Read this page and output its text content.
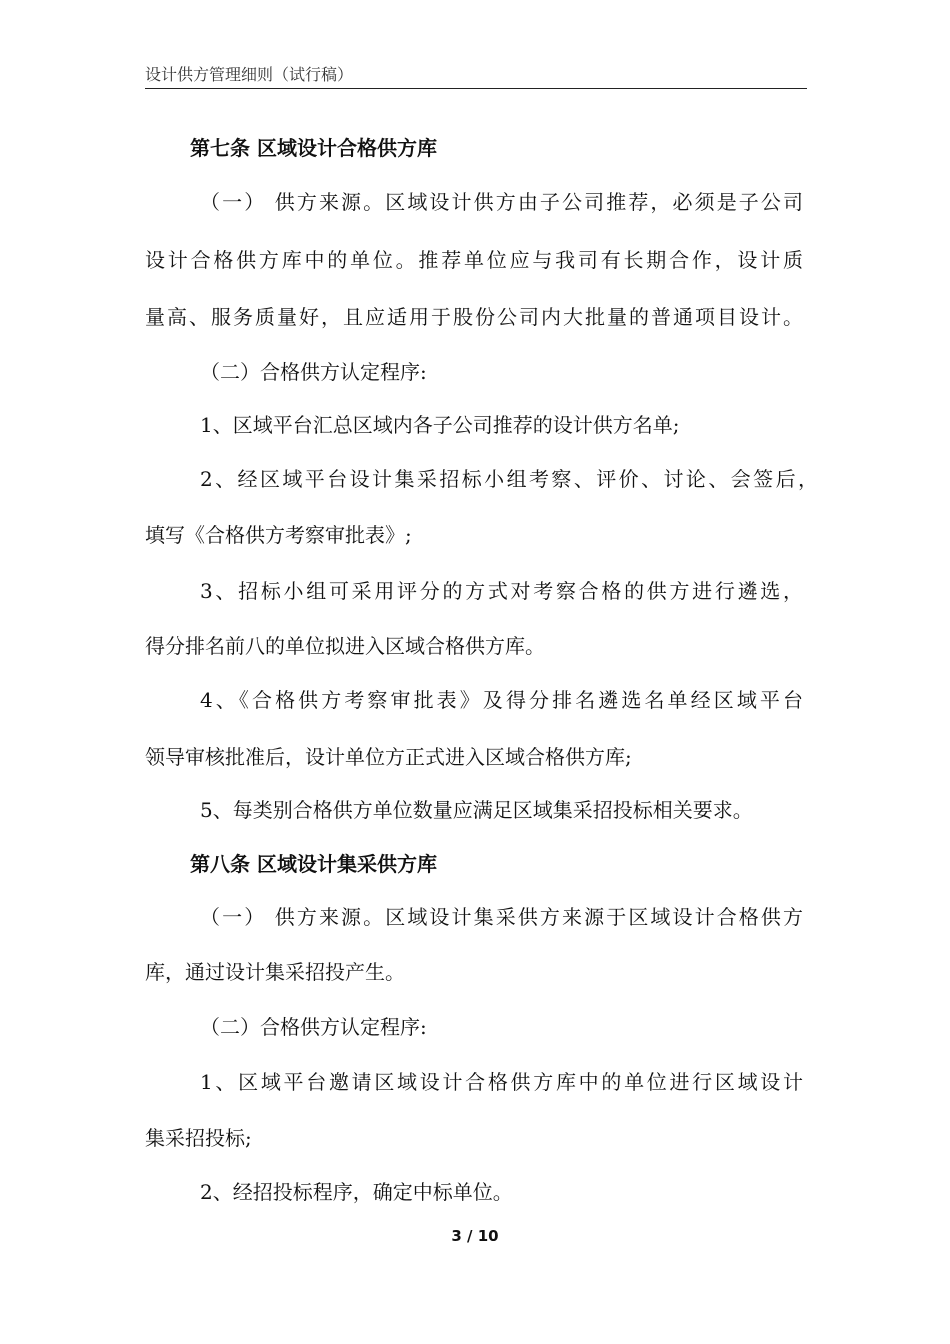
设计供方管理细则（试行稿）
第七条 区域设计合格供方库
（一） 供方来源。区域设计供方由子公司推荐，必须是子公司
设计合格供方库中的单位。推荐单位应与我司有长期合作，设计质
量高、服务质量好，且应适用于股份公司内大批量的普通项目设计。
（二）合格供方认定程序:
1、区域平台汇总区域内各子公司推荐的设计供方名单;
2、经区域平台设计集采招标小组考察、评价、讨论、会签后，
填写《合格供方考察审批表》;
3、招标小组可采用评分的方式对考察合格的供方进行遴选，
得分排名前八的单位拟进入区域合格供方库。
4、《合格供方考察审批表》及得分排名遴选名单经区域平台
领导审核批准后，设计单位方正式进入区域合格供方库;
5、每类别合格供方单位数量应满足区域集采招投标相关要求。
第八条 区域设计集采供方库
（一） 供方来源。区域设计集采供方来源于区域设计合格供方
库，通过设计集采招投产生。
（二）合格供方认定程序:
1、区域平台邀请区域设计合格供方库中的单位进行区域设计
集采招投标;
2、经招投标程序，确定中标单位。
3 / 10
